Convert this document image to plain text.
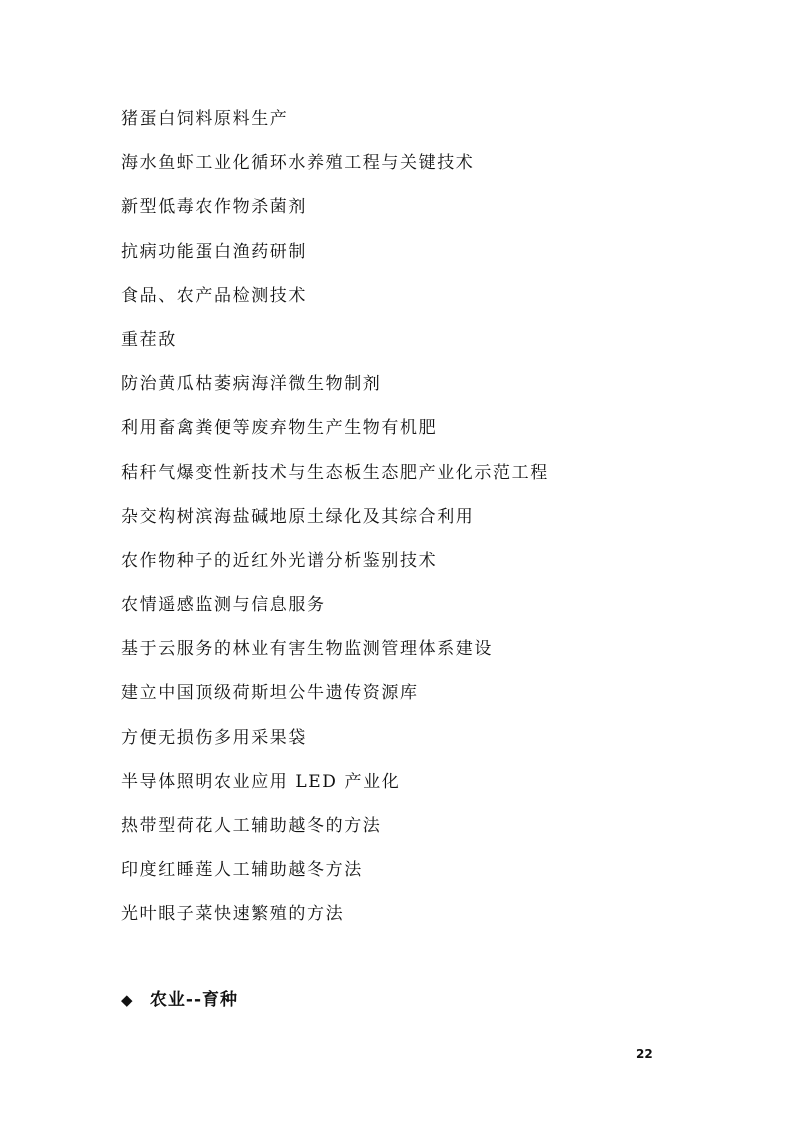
猪蛋白饲料原料生产
海水鱼虾工业化循环水养殖工程与关键技术
新型低毒农作物杀菌剂
抗病功能蛋白渔药研制
食品、农产品检测技术
重茬敌
防治黄瓜枯萎病海洋微生物制剂
利用畜禽粪便等废弃物生产生物有机肥
秸秆气爆变性新技术与生态板生态肥产业化示范工程
杂交构树滨海盐碱地原土绿化及其综合利用
农作物种子的近红外光谱分析鉴别技术
农情遥感监测与信息服务
基于云服务的林业有害生物监测管理体系建设
建立中国顶级荷斯坦公牛遗传资源库
方便无损伤多用采果袋
半导体照明农业应用 LED 产业化
热带型荷花人工辅助越冬的方法
印度红睡莲人工辅助越冬方法
光叶眼子菜快速繁殖的方法
◆ 农业--育种
22
